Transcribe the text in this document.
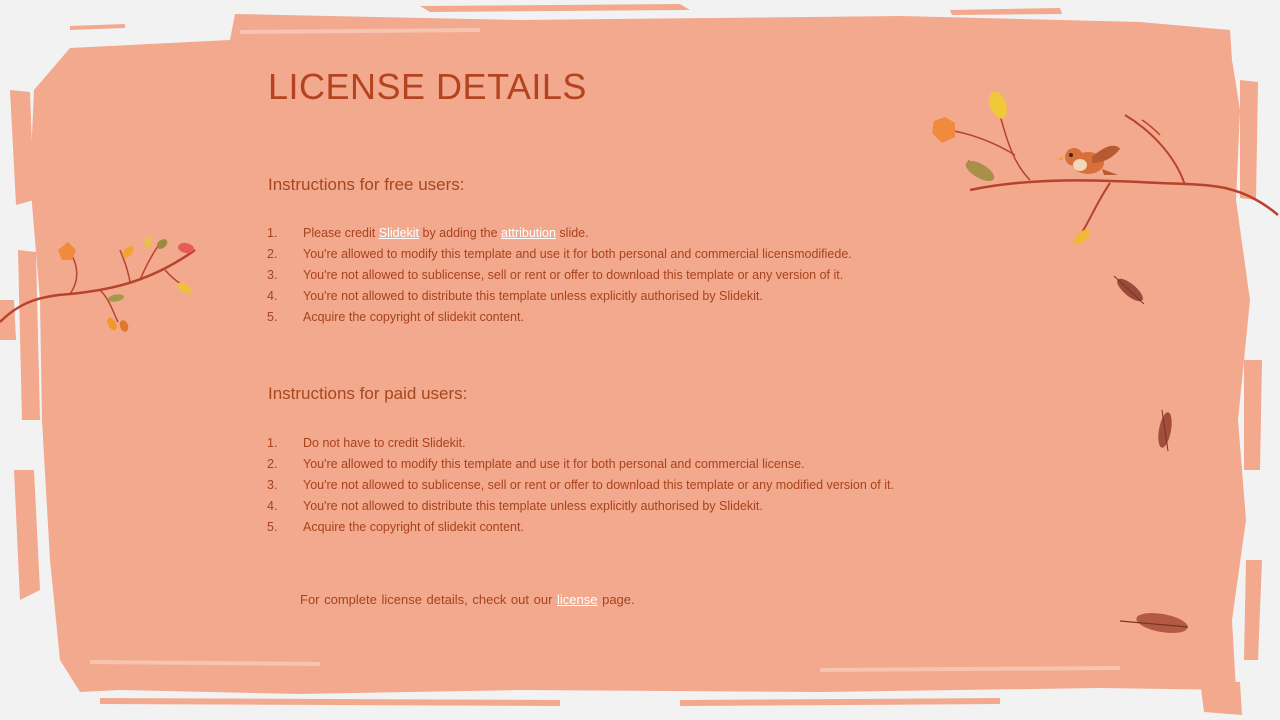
LICENSE DETAILS
Instructions for free users:
1. Please credit Slidekit by adding the attribution slide.
2. You're allowed to modify this template and use it for both personal and commercial licensmodifiede.
3. You're not allowed to sublicense, sell or rent or offer to download this template or any version of it.
4. You're not allowed to distribute this template unless explicitly authorised by Slidekit.
5. Acquire the copyright of slidekit content.
Instructions for paid users:
1. Do not have to credit Slidekit.
2. You're allowed to modify this template and use it for both personal and commercial license.
3. You're not allowed to sublicense, sell or rent or offer to download this template or any modified version of it.
4. You're not allowed to distribute this template unless explicitly authorised by Slidekit.
5. Acquire the copyright of slidekit content.
For complete license details, check out our license page.
